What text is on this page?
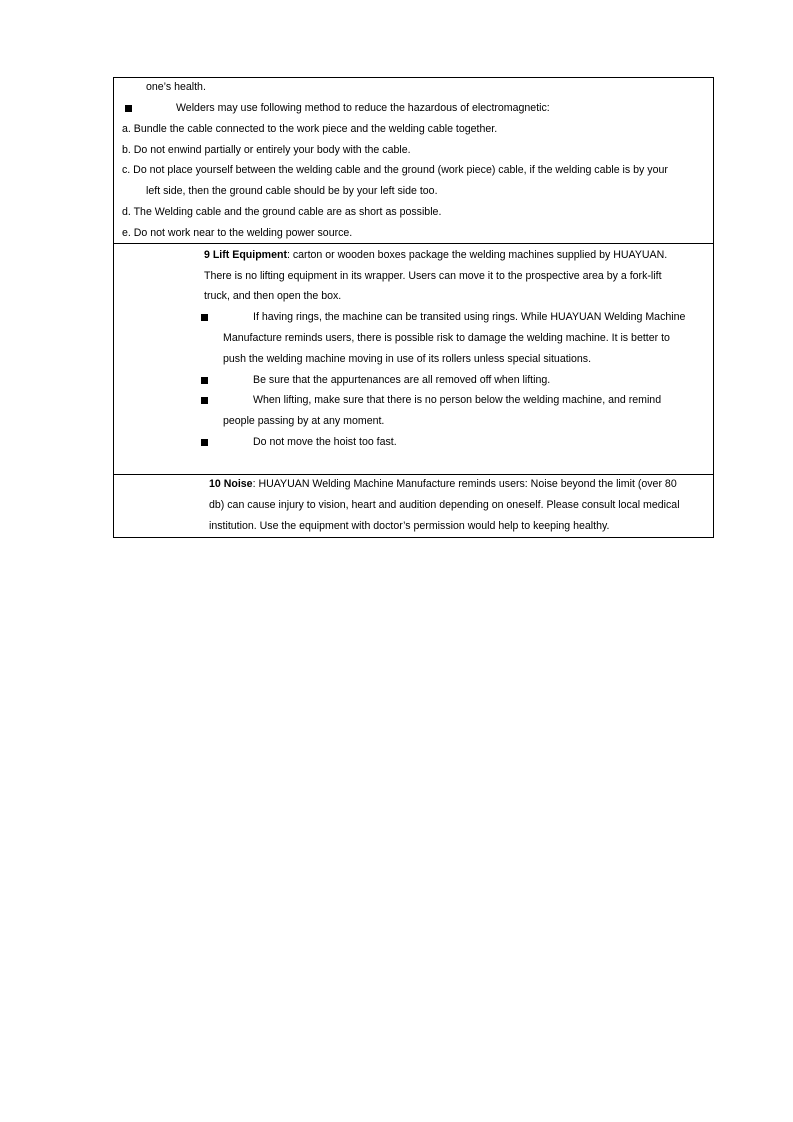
one’s health.
Welders may use following method to reduce the hazardous of electromagnetic:
a. Bundle the cable connected to the work piece and the welding cable together.
b. Do not enwind partially or entirely your body with the cable.
c. Do not place yourself between the welding cable and the ground (work piece) cable, if the welding cable is by your
left side, then the ground cable should be by your left side too.
d. The Welding cable and the ground cable are as short as possible.
e. Do not work near to the welding power source.
9 Lift Equipment: carton or wooden boxes package the welding machines supplied by HUAYUAN.
There is no lifting equipment in its wrapper. Users can move it to the prospective area by a fork-lift
truck, and then open the box.
If having rings, the machine can be transited using rings. While HUAYUAN Welding Machine
Manufacture reminds users, there is possible risk to damage the welding machine. It is better to
push the welding machine moving in use of its rollers unless special situations.
Be sure that the appurtenances are all removed off when lifting.
When lifting, make sure that there is no person below the welding machine, and remind
people passing by at any moment.
Do not move the hoist too fast.
10 Noise: HUAYUAN Welding Machine Manufacture reminds users: Noise beyond the limit (over 80
db) can cause injury to vision, heart and audition depending on oneself. Please consult local medical
institution. Use the equipment with doctor’s permission would help to keeping healthy.
